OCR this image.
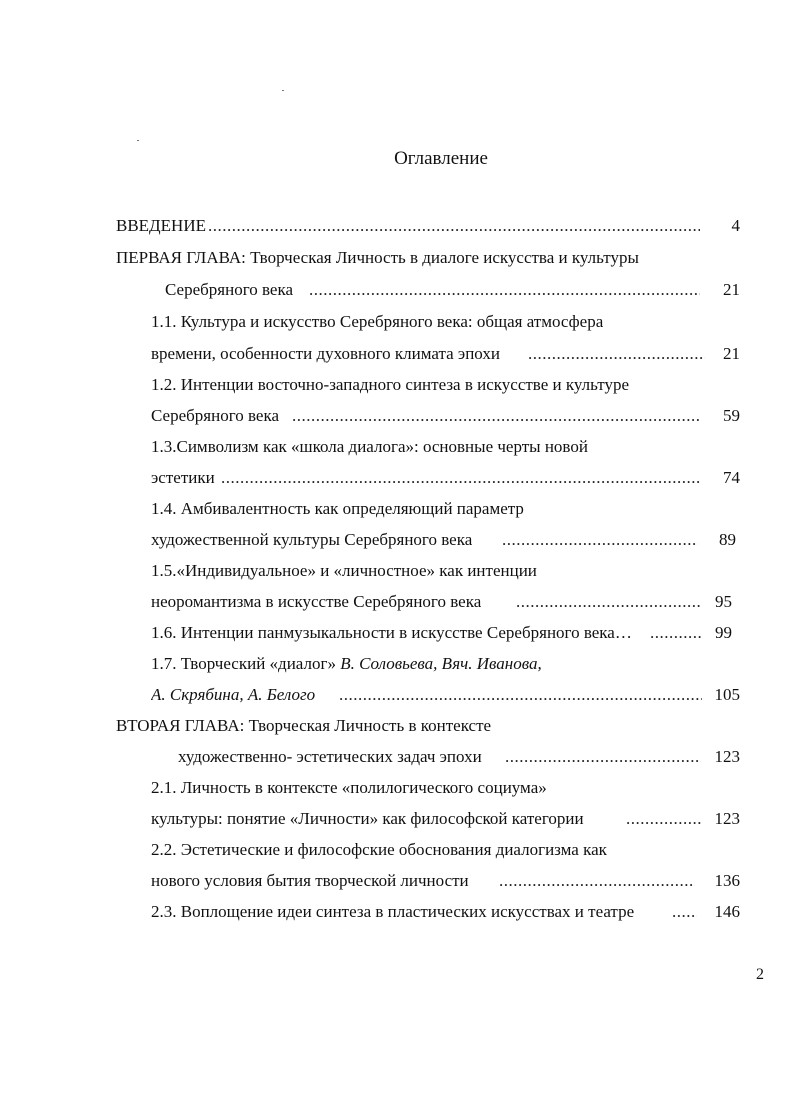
Оглавление
ВВЕДЕНИЕ .....	4
ПЕРВАЯ ГЛАВА: Творческая Личность в диалоге искусства и культуры
Серебряного века .....	21
1.1. Культура и искусство Серебряного века: общая атмосфера
времени, особенности духовного климата эпохи .....	21
1.2. Интенции восточно-западного синтеза в искусстве и культуре
Серебряного века .....	59
1.3.Символизм как «школа диалога»: основные черты новой
эстетики .....	74
1.4. Амбивалентность как определяющий параметр
художественной культуры Серебряного века .....	89
1.5.«Индивидуальное» и «личностное» как интенции
неоромантизма в искусстве Серебряного века .....	95
1.6. Интенции панмузыкальности в искусстве Серебряного века… .....	99
1.7. Творческий «диалог» В. Соловьева, Вяч. Иванова,
А. Скрябина, А. Белого .....	105
ВТОРАЯ ГЛАВА: Творческая Личность в контексте
художественно- эстетических задач эпохи .....	123
2.1. Личность в контексте «полилогического социума»
культуры: понятие «Личности» как философской категории .....	123
2.2. Эстетические и философские обоснования диалогизма как
нового условия бытия творческой личности .....	136
2.3. Воплощение идеи синтеза в пластических искусствах и театре .....	146
2
